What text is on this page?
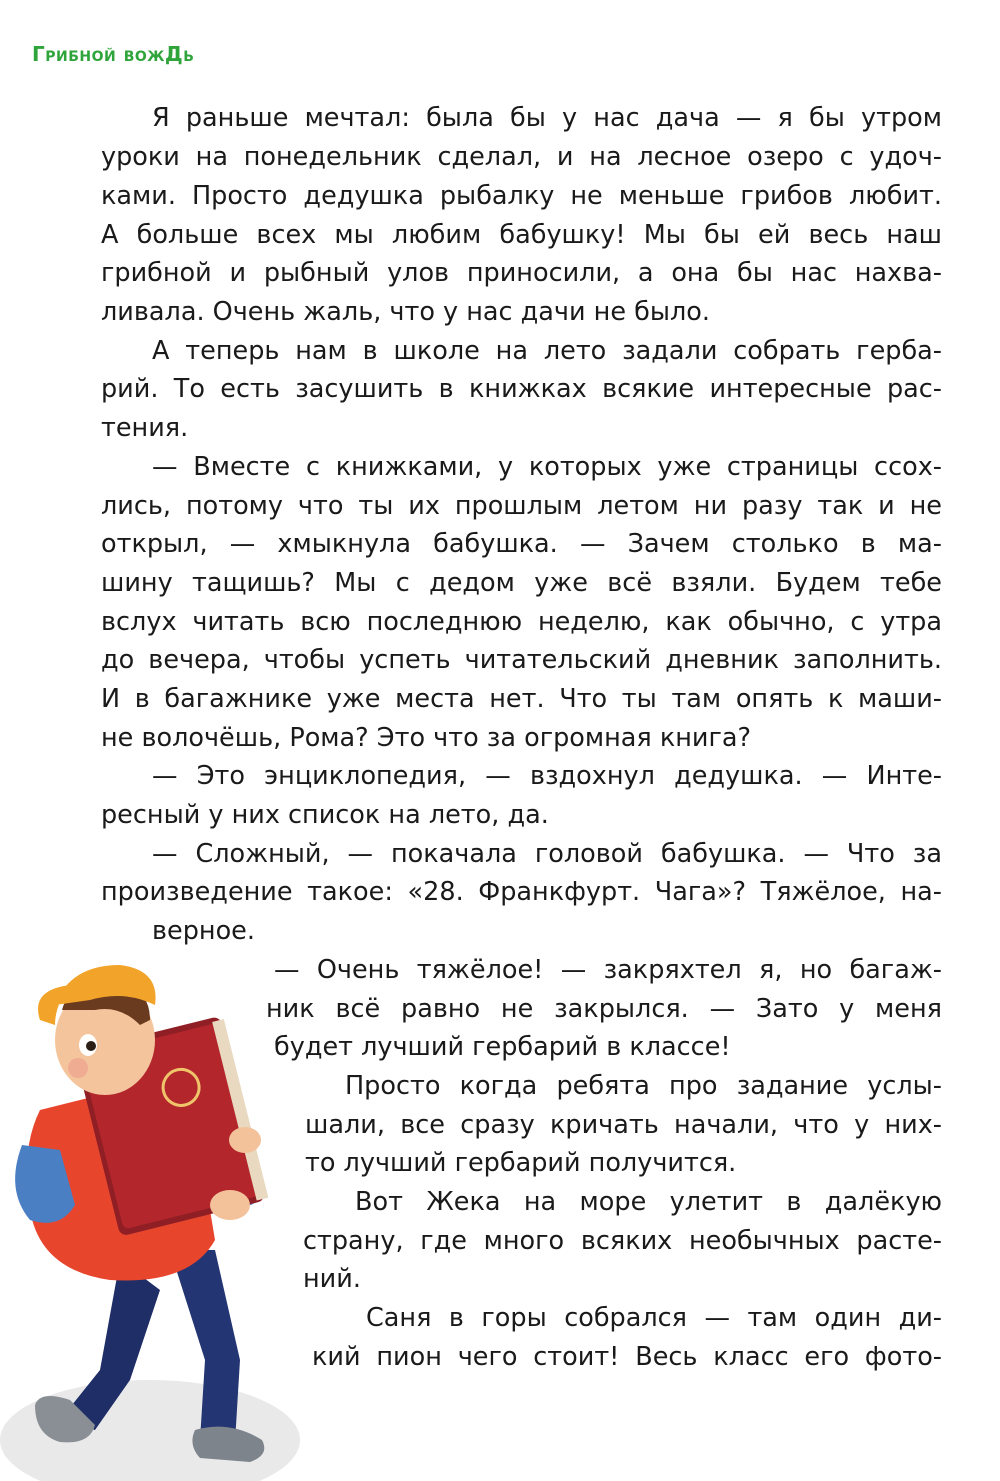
Грибной вожДь
Я раньше мечтал: была бы у нас дача — я бы утром
уроки на понедельник сделал, и на лесное озеро с удоч-
ками. Просто дедушка рыбалку не меньше грибов любит.
А больше всех мы любим бабушку! Мы бы ей весь наш
грибной и рыбный улов приносили, а она бы нас нахва-
ливала. Очень жаль, что у нас дачи не было.
А теперь нам в школе на лето задали собрать герба-
рий. То есть засушить в книжках всякие интересные рас-
тения.
— Вместе с книжками, у которых уже страницы ссох-
лись, потому что ты их прошлым летом ни разу так и не
открыл, — хмыкнула бабушка. — Зачем столько в ма-
шину тащишь? Мы с дедом уже всё взяли. Будем тебе
вслух читать всю последнюю неделю, как обычно, с утра
до вечера, чтобы успеть читательский дневник заполнить.
И в багажнике уже места нет. Что ты там опять к маши-
не волочёшь, Рома? Это что за огромная книга?
— Это энциклопедия, — вздохнул дедушка. — Инте-
ресный у них список на лето, да.
— Сложный, — покачала головой бабушка. — Что за
произведение такое: «28. Франкфурт. Чага»? Тяжёлое, на-
верное.
— Очень тяжёлое! — закряхтел я, но багаж-
ник всё равно не закрылся. — Зато у меня
будет лучший гербарий в классе!
Просто когда ребята про задание услы-
шали, все сразу кричать начали, что у них-
то лучший гербарий получится.
Вот Жека на море улетит в далёкую
страну, где много всяких необычных расте-
ний.
Саня в горы собрался — там один ди-
кий пион чего стоит! Весь класс его фото-
